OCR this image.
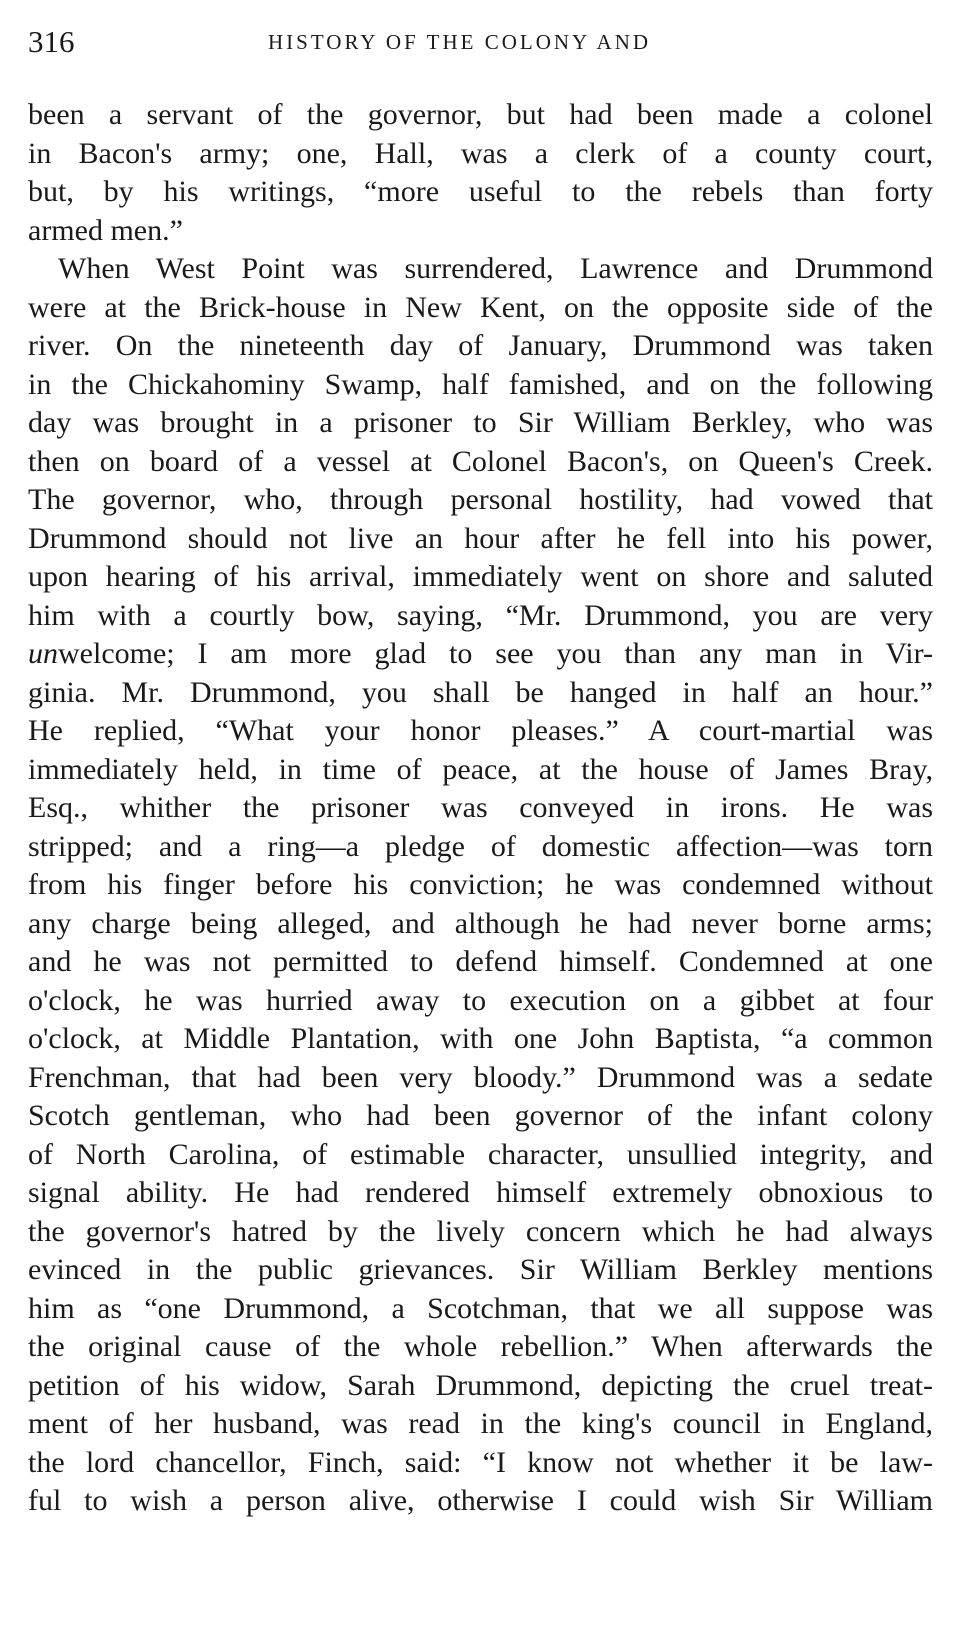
316	HISTORY OF THE COLONY AND
been a servant of the governor, but had been made a colonel
in Bacon's army; one, Hall, was a clerk of a county court,
but, by his writings, “more useful to the rebels than forty
armed men.”
When West Point was surrendered, Lawrence and Drummond
were at the Brick-house in New Kent, on the opposite side of the
river. On the nineteenth day of January, Drummond was taken
in the Chickahominy Swamp, half famished, and on the following
day was brought in a prisoner to Sir William Berkley, who was
then on board of a vessel at Colonel Bacon's, on Queen's Creek.
The governor, who, through personal hostility, had vowed that
Drummond should not live an hour after he fell into his power,
upon hearing of his arrival, immediately went on shore and saluted
him with a courtly bow, saying, “Mr. Drummond, you are very
unwelcome; I am more glad to see you than any man in Vir-
ginia. Mr. Drummond, you shall be hanged in half an hour.”
He replied, “What your honor pleases.” A court-martial was
immediately held, in time of peace, at the house of James Bray,
Esq., whither the prisoner was conveyed in irons. He was
stripped; and a ring—a pledge of domestic affection—was torn
from his finger before his conviction; he was condemned without
any charge being alleged, and although he had never borne arms;
and he was not permitted to defend himself. Condemned at one
o'clock, he was hurried away to execution on a gibbet at four
o'clock, at Middle Plantation, with one John Baptista, “a common
Frenchman, that had been very bloody.” Drummond was a sedate
Scotch gentleman, who had been governor of the infant colony
of North Carolina, of estimable character, unsullied integrity, and
signal ability. He had rendered himself extremely obnoxious to
the governor's hatred by the lively concern which he had always
evinced in the public grievances. Sir William Berkley mentions
him as “one Drummond, a Scotchman, that we all suppose was
the original cause of the whole rebellion.” When afterwards the
petition of his widow, Sarah Drummond, depicting the cruel treat-
ment of her husband, was read in the king's council in England,
the lord chancellor, Finch, said: “I know not whether it be law-
ful to wish a person alive, otherwise I could wish Sir William
